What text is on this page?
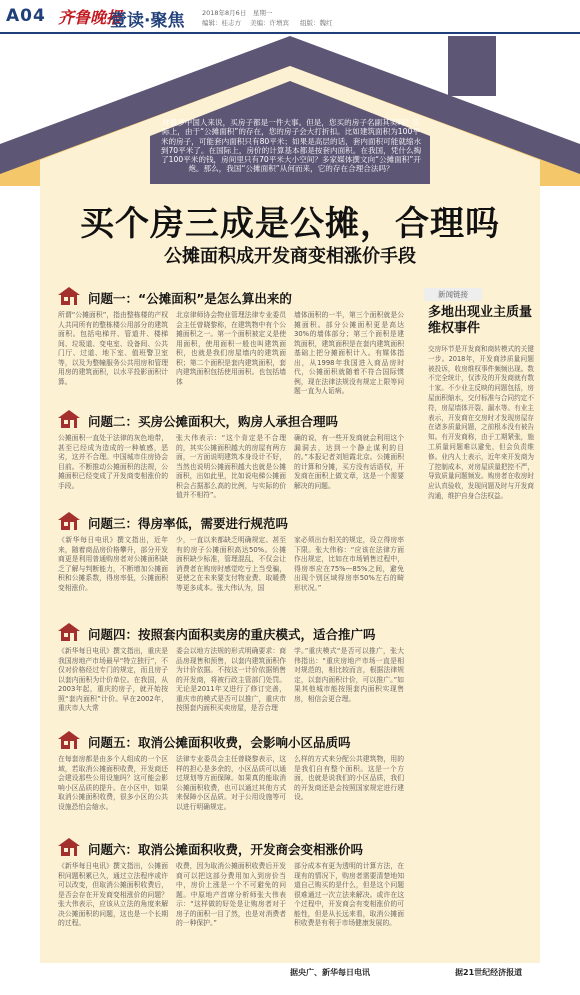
A04 齐鲁晚报
壹读·聚焦	2018年8月6日　星期一
编辑：桂志方 美编：许增宾 组版：魏红
对很多中国人来说，买房子都是一件大事。但是，您买的房子名副其实吗？实际上，由于“公摊面积”的存在，您的房子会大打折扣。比如建筑面积为100平米的房子，可能套内面积只有80平米；如果是高层的话，套内面积可能就缩水到70平米了。在国际上，房价的计算基本都是按套内面积。在我国，凭什么掏了100平米的钱，房间里只有70平米大小空间？多家媒体撰文向“公摊面积”开炮。那么，我国“公摊面积”从何而来，它的存在合理合法吗？
买个房三成是公摊，合理吗
公摊面积成开发商变相涨价手段
问题一：“公摊面积”是怎么算出来的
所谓“公摊面积”，指由整栋楼的产权人共同所有的整栋楼公用部分的建筑面积。包括电梯井、管道井、楼梯间、垃圾道、变电室、设备间、公共门厅、过道、地下室、值班警卫室等，以及为整幢服务公共用房和管理用房的建筑面积，以水平投影面积计算。
北京律师协会物业管理法律专业委员会主任曾晓黎称，在建筑物中有个公摊面积之一。第一个面积被定义是使用面积，使用面积一般也叫建筑面积，也就是我们房屋墙内的建筑面积；第二个面积是套内建筑面积，套内建筑面积包括使用面积。也包括墙体
墙体面积的一半，第三个面积就是公摊面积。部分公摊面积更是高达30%的墙体部分；第三个面积是建筑面积，建筑面积是在套内建筑面积基础上把分摊面积计入。有媒体指出，从1998年我国进入商品房时代，公摊面积就随着不符合国际惯例，现在法律法规没有规定上限等问题一直为人诟病。
问题二：买房公摊面积大，购房人承担合理吗
公摊面积一直处于法律的灰色地带，甚至已经成为造成的一种敏感，恶劣，这并不合理。中国城市住房协会目前。不断推动公摊面积的法规，公摊面积已经变成了开发商变相涨价的手段。
张大伟表示：“这个肯定是不合理的，其实公摊面积越大的房屋有两方面，一方面说明建筑本身设计不好，当然也说明公摊面积越大也就是公摊面积，出如此里，比如说电梯公摊面积会占据那么高的比例，与实际的价值并不相符”。
确的说，有一些开发商就会利用这个漏洞去，达到一个静止谋利的目的。”本报记者刘旭霞北京。公摊面积的计算和分摊，买方没有话语权，开发商在面积上做文章，这是一个需要解决的问题。
问题三：得房率低，需要进行规范吗
《新华每日电讯》撰文指出，近年来，随着商品房价格攀升，部分开发商更是利用普通购房者对公摊面积缺乏了解与判断能力，不断增加公摊面积和公摊系数，得房率低，公摊面积变相涨价。
少，一直以来都缺乏明确规定。甚至有的房子公摊面积高达50%。公摊面积缺少标准，管理混乱，不仅会让消费者在购房时感觉吃亏上当受骗，更使之在未来要支付物业费、取暖费等更多成本。张大伟认为，国
家必须出台相关的规定，设立得房率下限。张大伟称：“应该在法律方面作出规定，比如在市场销售过程中，得房率应在75%—85%之间，避免出现个别区域得房率50%左右的畸形状况。”
问题四：按照套内面积卖房的重庆模式，适合推广吗
《新华每日电讯》撰文指出，重庆是我国房地产市场最早“特立独行”，不仅对价格经过专门的规定，而且房子以套内面积为计价单位。在我国，从2003年起，重庆的房子，就开始按照“套内面积”计价。早在2002年，重庆市人大常
委会以地方法规的形式明确要求：商品房现售和预售，以套内建筑面积作为计价依据。不按这一计价依据销售的开发商，将被行政主管部门处罚。无论是2011年又进行了修订完善，重庆市的模式是否可以推广，重庆市按照套内面积买卖房屋，是否合理
学。”重庆模式“是否可以推广，张大伟指出：“重庆房地产市场一直是相对规范的，相比较而言，根据法律规定，以套内面积计价，可以推广。”如果其他城市能按照套内面积实现售房，相信会更合理。
问题五：取消公摊面积收费，会影响小区品质吗
在每套房都是由多个人组成的一个区域，若取消公摊面积收费，开发商还会建设那些公用设施吗？这可能会影响小区品质的提升。在小区中，如果取消公摊面积收费，很多小区的公共设施恐怕会缩水。
法律专业委员会主任曾晓黎表示，这样的担心是多余的，小区品质可以通过规划等方面保障。如果真的能取消公摊面积收费，也可以通过其他方式来保障小区品质。对于公用设施等可以进行明确规定。
么样的方式来分配公共建筑物，用的是我们自有整个面积。这是一个方面，也就是说我们的小区品质，我们的开发商还是会按照国家规定进行建设。
问题六：取消公摊面积收费，开发商会变相涨价吗
《新华每日电讯》撰文指出，公摊面积问题积累已久，通过立法程序或许可以改变，但取消公摊面积收费后，是否会存在开发商变相涨价的问题？张大伟表示，应该从立法的角度来解决公摊面积的问题，这也是一个长期的过程。
收费，因为取消公摊面积收费后开发商可以把这部分费用加入到房价当中，房价上涨是一个不可避免的问题。中原地产首席分析师张大伟表示：“这样做的好处是让购房者对于房子的面积一目了然，也是对消费者的一种保护。”
部分成本有更为透明的计算方法，在现有的情况下，购房者需要清楚地知道自己购买的是什么，但是这个问题很难通过一次立法来解决。或许在这个过程中，开发商会有变相涨价的可能性，但是从长远来看，取消公摊面积收费是有利于市场健康发展的。
新闻链接
多地出现业主质量维权事件
交房环节是开发商和商转模式的关键一步。2018年，开发商涉质量问题被投诉，收房维权事件频频出现。数不完全统计，仅涉及的开发商就有数十家。不少业主反映的问题包括，房屋面积缩水，交付标准与合同约定不符，房屋墙体开裂、漏水等。有业主表示，开发商在交房时才发现房屋存在诸多质量问题，之前根本没有被告知。有开发商称，由于工期紧张，施工质量问题难以避免，但会负责维修。业内人士表示，近年来开发商为了控制成本，对房屋质量把控不严，导致质量问题频发。购房者在收房时应认真验收，发现问题及时与开发商沟通，维护自身合法权益。
据央广、新华每日电讯	据21世纪经济报道
